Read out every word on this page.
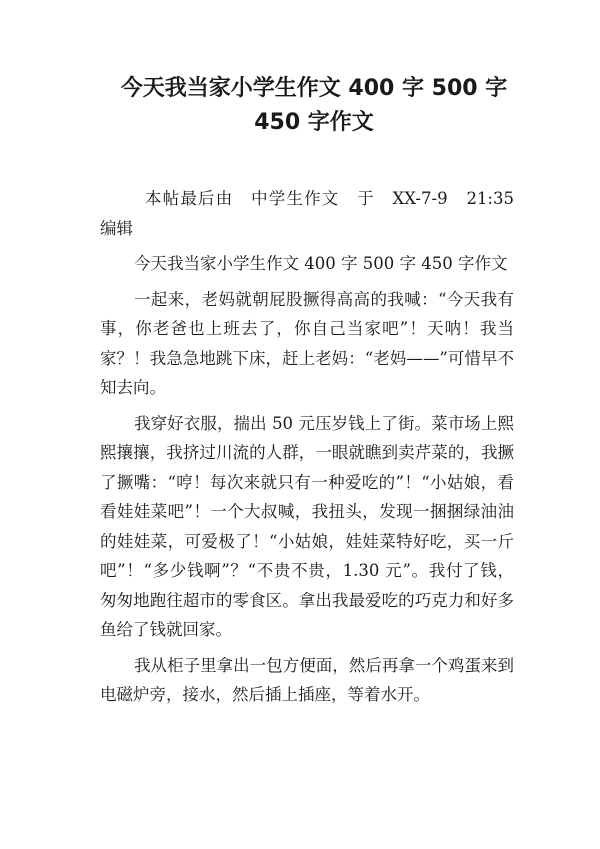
今天我当家小学生作文 400 字 500 字
450 字作文

本帖最后由　中学生作文　于　XX-7-9　21:35 编辑

今天我当家小学生作文 400 字 500 字 450 字作文

一起来，老妈就朝屁股撅得高高的我喊：“今天我有事，你老爸也上班去了，你自己当家吧”！天呐！我当家？！我急急地跳下床，赶上老妈：“老妈——”可惜早不知去向。

我穿好衣服，揣出 50 元压岁钱上了街。菜市场上熙熙攘攘，我挤过川流的人群，一眼就瞧到卖芹菜的，我撅了撅嘴：“哼！每次来就只有一种爱吃的”！“小姑娘，看看娃娃菜吧”！一个大叔喊，我扭头，发现一捆捆绿油油的娃娃菜，可爱极了！“小姑娘，娃娃菜特好吃，买一斤吧”！“多少钱啊”？“不贵不贵，1.30 元”。我付了钱，匆匆地跑往超市的零食区。拿出我最爱吃的巧克力和好多鱼给了钱就回家。

我从柜子里拿出一包方便面，然后再拿一个鸡蛋来到电磁炉旁，接水，然后插上插座，等着水开。
